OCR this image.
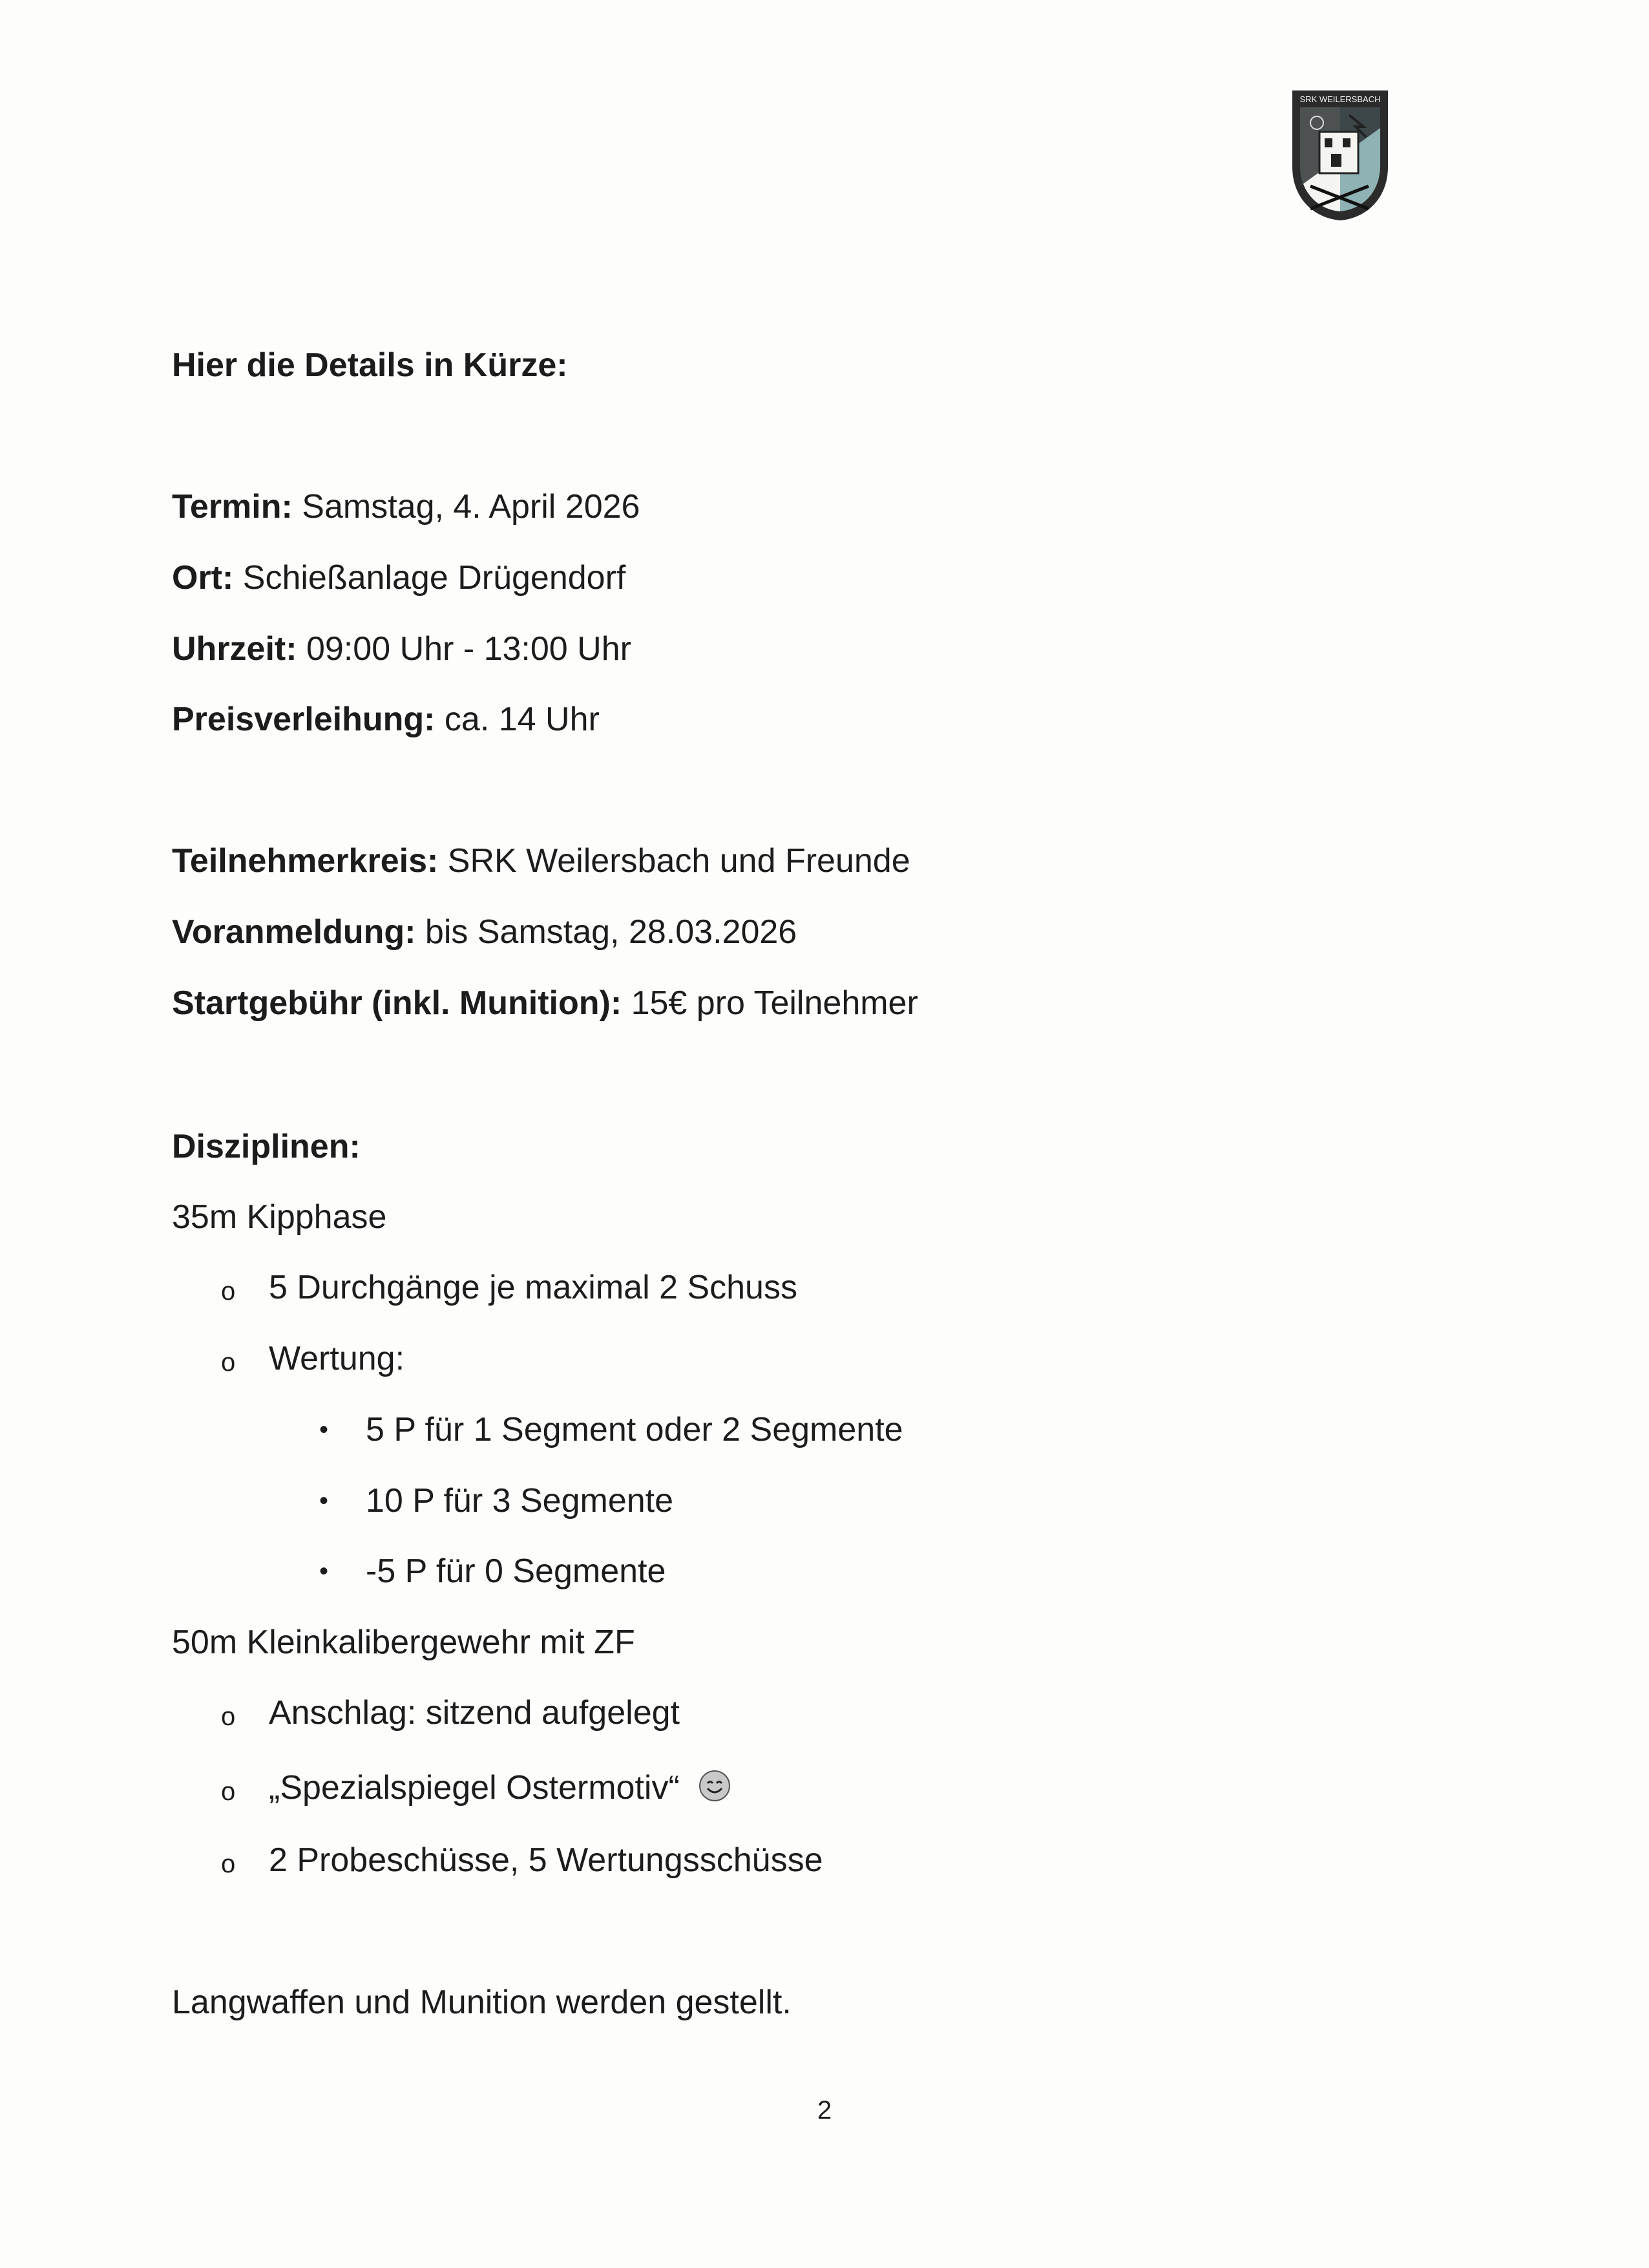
SRK WEILERSBACH
Hier die Details in Kürze:
Termin: Samstag, 4. April 2026
Ort: Schießanlage Drügendorf
Uhrzeit: 09:00 Uhr - 13:00 Uhr
Preisverleihung: ca. 14 Uhr
Teilnehmerkreis: SRK Weilersbach und Freunde
Voranmeldung: bis Samstag, 28.03.2026
Startgebühr (inkl. Munition): 15€ pro Teilnehmer
Disziplinen:
35m Kipphase
o 5 Durchgänge je maximal 2 Schuss
o Wertung:
• 5 P für 1 Segment oder 2 Segmente
• 10 P für 3 Segmente
• -5 P für 0 Segmente
50m Kleinkalibergewehr mit ZF
o Anschlag: sitzend aufgelegt
o „Spezialspiegel Ostermotiv“
o 2 Probeschüsse, 5 Wertungsschüsse
Langwaffen und Munition werden gestellt.
2
